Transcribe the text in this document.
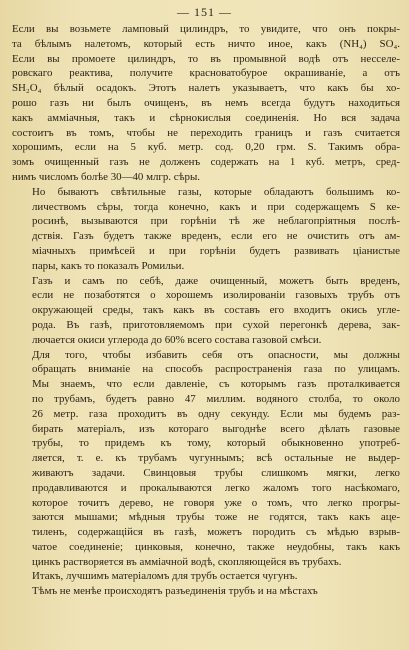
— 151 —

Если вы возьмете ламповый цилиндръ, то увидите, что онъ покры-
та бѣлымъ налетомъ, который есть ничто иное, какъ (NH₄) SO₄.
Если вы промоете цилиндръ, то въ промывной водѣ отъ несселе-
ровскаго реактива, получите красноватобурое окрашиваніе, а отъ
SH₂O₄ бѣлый осадокъ. Этотъ налетъ указываетъ, что какъ бы хо-
рошо газъ ни былъ очищенъ, въ немъ всегда будутъ находиться
какъ амміачныя, такъ и сѣрнокислыя соединенія. Но вся задача
состоитъ въ томъ, чтобы не переходить границъ и газъ считается
хорошимъ, если на 5 куб. метр. сод. 0,20 грм. S. Такимъ обра-
зомъ очищенный газъ не долженъ содержать на 1 куб. метръ, сред-
нимъ числомъ болѣе 30—40 млгр. сѣры.

Но бываютъ свѣтильные газы, которые обладаютъ большимъ ко-
личествомъ сѣры, тогда конечно, какъ и при содержащемъ S ке-
росинѣ, вызываются при горѣніи тѣ же неблагопріятныя послѣ-
дствія. Газъ будетъ также вреденъ, если его не очистить отъ ам-
міачныхъ примѣсей и при горѣніи будетъ развивать ціанистые
пары, какъ то показалъ Ромильи.

Газъ и самъ по себѣ, даже очищенный, можетъ быть вреденъ,
если не позаботятся о хорошемъ изолированіи газовыхъ трубъ отъ
окружающей среды, такъ какъ въ составъ его входитъ окись угле-
рода. Въ газѣ, приготовляемомъ при сухой перегонкѣ дерева, зак-
лючается окиси углерода до 60% всего состава газовой смѣси.

Для того, чтобы избавить себя отъ опасности, мы должны
обращать вниманіе на способъ распространенія газа по улицамъ.
Мы знаемъ, что если давленіе, съ которымъ газъ проталкивается
по трубамъ, будетъ равно 47 миллим. водяного столба, то около
26 метр. газа проходитъ въ одну секунду. Если мы будемъ раз-
бирать матеріалъ, изъ котораго выгоднѣе всего дѣлать газовые
трубы, то придемъ къ тому, который обыкновенно употреб-
ляется, т. е. къ трубамъ чугуннымъ; всѣ остальные не выдер-
живаютъ задачи. Свинцовыя трубы слишкомъ мягки, легко
продавливаются и прокалываются легко жаломъ того насѣкомаго,
которое точитъ дерево, не говоря уже о томъ, что легко прогры-
заются мышами; мѣдныя трубы тоже не годятся, такъ какъ аце-
тиленъ, содержащійся въ газѣ, можетъ породить съ мѣдью взрыв-
чатое соединеніе; цинковыя, конечно, также неудобны, такъ какъ
цинкъ растворяется въ амміачной водѣ, скопляющейся въ трубахъ.

Итакъ, лучшимъ матеріаломъ для трубъ остается чугунъ.

Тѣмъ не менѣе происходятъ разъединенія трубъ и на мѣстахъ
